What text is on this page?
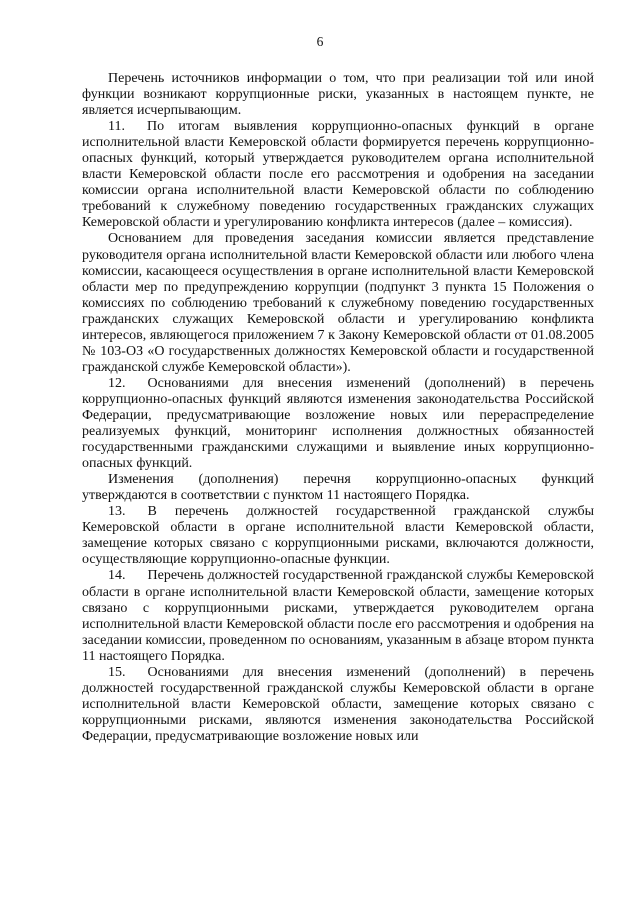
6

Перечень источников информации о том, что при реализации той или иной функции возникают коррупционные риски, указанных в настоящем пункте, не является исчерпывающим.

11. По итогам выявления коррупционно-опасных функций в органе исполнительной власти Кемеровской области формируется перечень коррупционно-опасных функций, который утверждается руководителем органа исполнительной власти Кемеровской области после его рассмотрения и одобрения на заседании комиссии органа исполнительной власти Кемеровской области по соблюдению требований к служебному поведению государственных гражданских служащих Кемеровской области и урегулированию конфликта интересов (далее – комиссия).

Основанием для проведения заседания комиссии является представление руководителя органа исполнительной власти Кемеровской области или любого члена комиссии, касающееся осуществления в органе исполнительной власти Кемеровской области мер по предупреждению коррупции (подпункт 3 пункта 15 Положения о комиссиях по соблюдению требований к служебному поведению государственных гражданских служащих Кемеровской области и урегулированию конфликта интересов, являющегося приложением 7 к Закону Кемеровской области от 01.08.2005 № 103-ОЗ «О государственных должностях Кемеровской области и государственной гражданской службе Кемеровской области»).

12. Основаниями для внесения изменений (дополнений) в перечень коррупционно-опасных функций являются изменения законодательства Российской Федерации, предусматривающие возложение новых или перераспределение реализуемых функций, мониторинг исполнения должностных обязанностей государственными гражданскими служащими и выявление иных коррупционно-опасных функций.

Изменения (дополнения) перечня коррупционно-опасных функций утверждаются в соответствии с пунктом 11 настоящего Порядка.

13. В перечень должностей государственной гражданской службы Кемеровской области в органе исполнительной власти Кемеровской области, замещение которых связано с коррупционными рисками, включаются должности, осуществляющие коррупционно-опасные функции.

14. Перечень должностей государственной гражданской службы Кемеровской области в органе исполнительной власти Кемеровской области, замещение которых связано с коррупционными рисками, утверждается руководителем органа исполнительной власти Кемеровской области после его рассмотрения и одобрения на заседании комиссии, проведенном по основаниям, указанным в абзаце втором пункта 11 настоящего Порядка.

15. Основаниями для внесения изменений (дополнений) в перечень должностей государственной гражданской службы Кемеровской области в органе исполнительной власти Кемеровской области, замещение которых связано с коррупционными рисками, являются изменения законодательства Российской Федерации, предусматривающие возложение новых или
